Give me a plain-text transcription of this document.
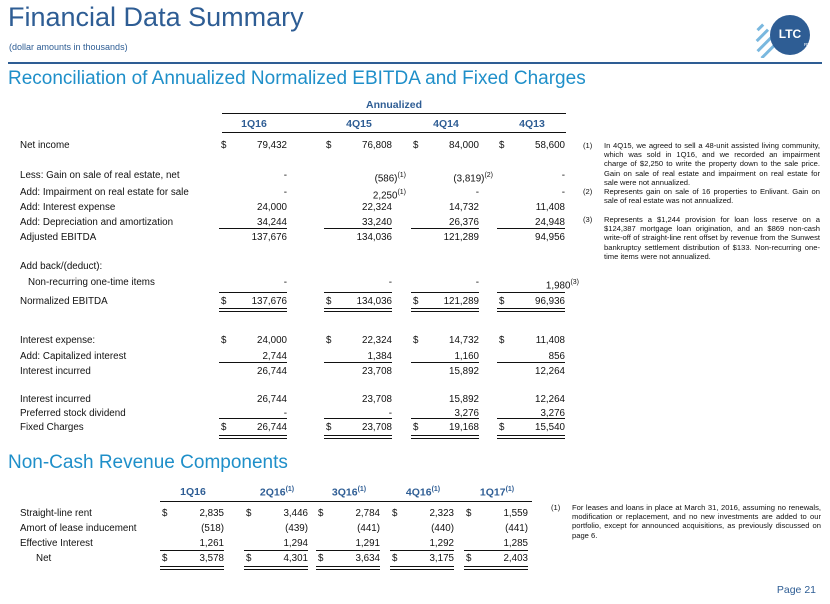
Financial Data Summary
(dollar amounts in thousands)
LTC
REIT
Reconciliation of Annualized Normalized EBITDA and Fixed Charges
Annualized
1Q16	4Q15	4Q14	4Q13
Net income	$	79,432	$	76,808 $	84,000 $	58,600
Less: Gain on sale of real estate, net	-	$(586)^{(1)}$	$(3,819)^{(2)}$	-
Add: Impairment on real estate for sale	-	2,250$^{(1)}$	-	-
Add: Interest expense	24,000	22,324	14,732	11,408
Add: Depreciation and amortization	34,244	33,240	26,376	24,948
Adjusted EBITDA	137,676	134,036	121,289	94,956
Add back/(deduct):
Non-recurring one-time items	-	-	-	1,980$^{(3)}$
Normalized EBITDA	$	137,676	$	134,036 $	121,289 $	96,936
Interest expense:	$	24,000	$	22,324 $	14,732 $	11,408
Add: Capitalized interest	2,744	1,384	1,160	856
Interest incurred	26,744	23,708	15,892	12,264
Interest incurred	26,744	23,708	15,892	12,264
Preferred stock dividend	-	-	3,276	3,276
Fixed Charges	$	26,744	$	23,708 $	19,168 $	15,540
(1) In 4Q15, we agreed to sell a 48-unit assisted living community, which was sold in 1Q16, and we recorded an impairment charge of $2,250 to write the property down to the sale price. Gain on sale of real estate and impairment on real estate for sale were not annualized.
(2) Represents gain on sale of 16 properties to Enlivant. Gain on sale of real estate was not annualized.
(3) Represents a $1,244 provision for loan loss reserve on a $124,387 mortgage loan origination, and an $869 non-cash write-off of straight-line rent offset by revenue from the Sunwest bankruptcy settlement distribution of $133. Non-recurring one-time items were not annualized.
Non-Cash Revenue Components
1Q16	2Q16$^{(1)}$	3Q16$^{(1)}$	4Q16$^{(1)}$	1Q17$^{(1)}$
Straight-line rent	$	2,835 $	3,446 $	2,784 $	2,323 $	1,559
Amort of lease inducement	(518)	(439)	(441)	(440)	(441)
Effective Interest	1,261	1,294	1,291	1,292	1,285
Net	$	3,578 $	4,301 $	3,634 $	3,175 $	2,403
(1) For leases and loans in place at March 31, 2016, assuming no renewals, modification or replacement, and no new investments are added to our portfolio, except for announced acquisitions, as previously discussed on page 6.
Page 21
